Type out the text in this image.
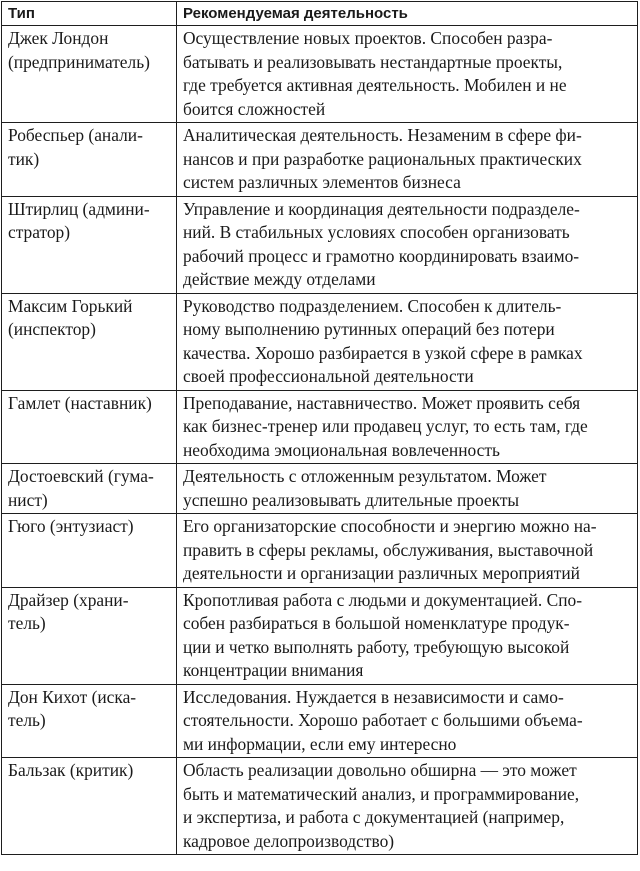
Тип	Рекомендуемая деятельность

Джек Лондон
(предприниматель)	Осуществление новых проектов. Способен разра-
батывать и реализовывать нестандартные проекты,
где требуется активная деятельность. Мобилен и не
боится сложностей

Робеспьер (анали-
тик)	Аналитическая деятельность. Незаменим в сфере фи-
нансов и при разработке рациональных практических
систем различных элементов бизнеса

Штирлиц (админи-
стратор)	Управление и координация деятельности подразделе-
ний. В стабильных условиях способен организовать
рабочий процесс и грамотно координировать взаимо-
действие между отделами

Максим Горький
(инспектор)	Руководство подразделением. Способен к длитель-
ному выполнению рутинных операций без потери
качества. Хорошо разбирается в узкой сфере в рамках
своей профессиональной деятельности

Гамлет (наставник)	Преподавание, наставничество. Может проявить себя
как бизнес-тренер или продавец услуг, то есть там, где
необходима эмоциональная вовлеченность

Достоевский (гума-
нист)	Деятельность с отложенным результатом. Может
успешно реализовывать длительные проекты

Гюго (энтузиаст)	Его организаторские способности и энергию можно на-
править в сферы рекламы, обслуживания, выставочной
деятельности и организации различных мероприятий

Драйзер (храни-
тель)	Кропотливая работа с людьми и документацией. Спо-
собен разбираться в большой номенклатуре продук-
ции и четко выполнять работу, требующую высокой
концентрации внимания

Дон Кихот (иска-
тель)	Исследования. Нуждается в независимости и само-
стоятельности. Хорошо работает с большими объема-
ми информации, если ему интересно

Бальзак (критик)	Область реализации довольно обширна — это может
быть и математический анализ, и программирование,
и экспертиза, и работа с документацией (например,
кадровое делопроизводство)
